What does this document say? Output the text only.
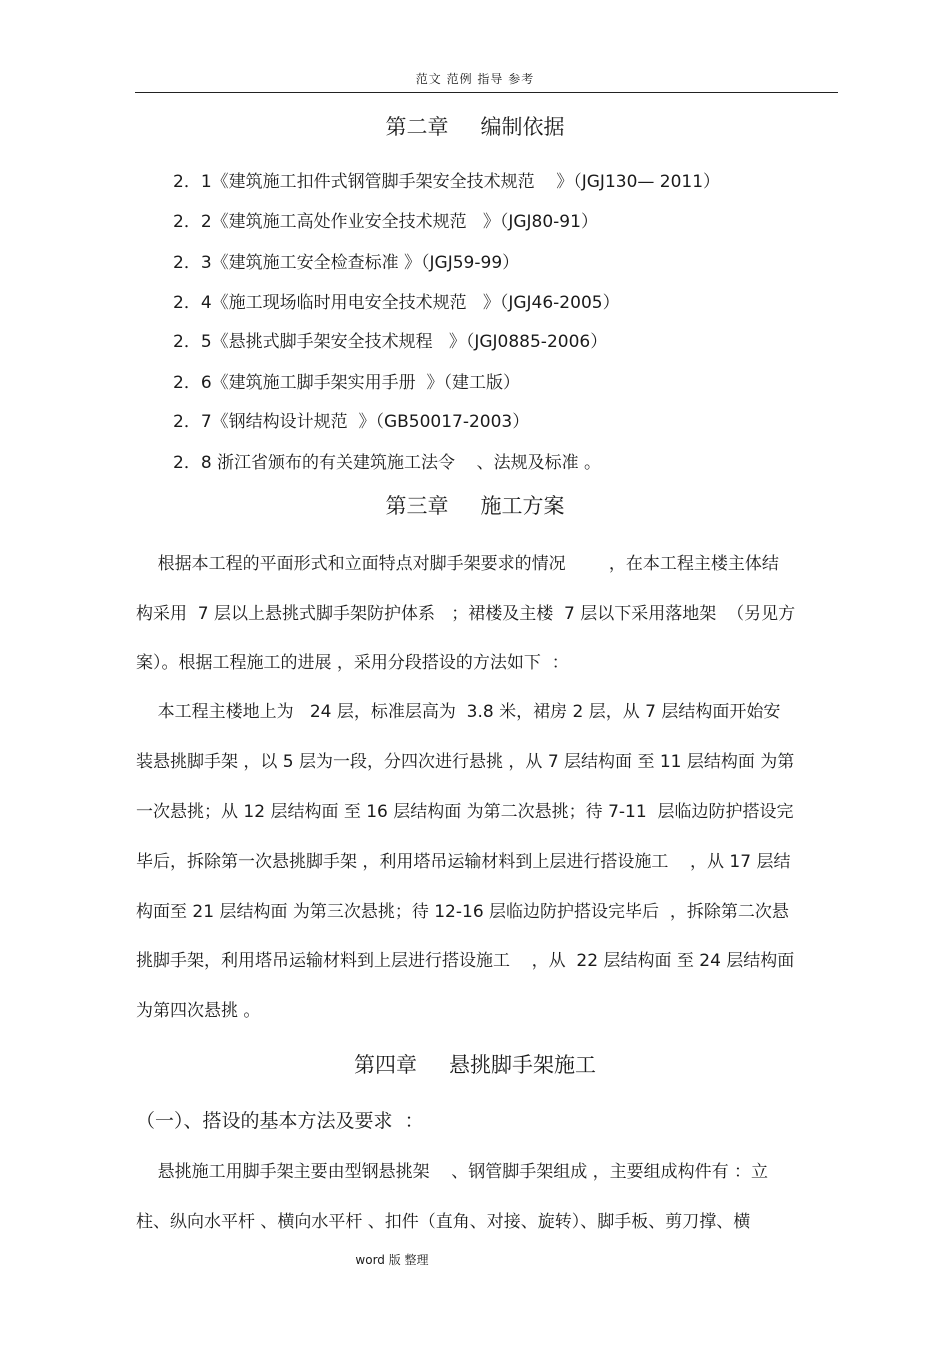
范文 范例 指导 参考
第二章 编制依据
2．1《建筑施工扣件式钢管脚手架安全技术规范    》（JGJ130— 2011）
2．2《建筑施工高处作业安全技术规范   》（JGJ80-91）
2．3《建筑施工安全检查标准 》（JGJ59-99）
2．4《施工现场临时用电安全技术规范   》（JGJ46-2005）
2．5《悬挑式脚手架安全技术规程   》（JGJ0885-2006）
2．6《建筑施工脚手架实用手册  》（建工版）
2．7《钢结构设计规范  》（GB50017-2003）
2．8 浙江省颁布的有关建筑施工法令    、法规及标准 。
第三章 施工方案
根据本工程的平面形式和立面特点对脚手架要求的情况        ，在本工程主楼主体结
构采用  7 层以上悬挑式脚手架防护体系   ；裙楼及主楼  7 层以下采用落地架  （另见方
案）。根据工程施工的进展 ，采用分段搭设的方法如下  ：
本工程主楼地上为   24 层，标准层高为  3.8 米，裙房 2 层，从 7 层结构面开始安
装悬挑脚手架 ，以 5 层为一段，分四次进行悬挑 ，从 7 层结构面 至 11 层结构面 为第
一次悬挑；从 12 层结构面 至 16 层结构面 为第二次悬挑；待 7-11  层临边防护搭设完
毕后，拆除第一次悬挑脚手架 ，利用塔吊运输材料到上层进行搭设施工    ，从 17 层结
构面至 21 层结构面 为第三次悬挑；待 12-16 层临边防护搭设完毕后  ，拆除第二次悬
挑脚手架，利用塔吊运输材料到上层进行搭设施工    ，从  22 层结构面 至 24 层结构面
为第四次悬挑 。
第四章 悬挑脚手架施工
（一）、搭设的基本方法及要求  ：
悬挑施工用脚手架主要由型钢悬挑架    、钢管脚手架组成 ，主要组成构件有 ：立
柱、纵向水平杆 、横向水平杆 、扣件（直角、对接、旋转）、脚手板、剪刀撑、横
word 版 整理
